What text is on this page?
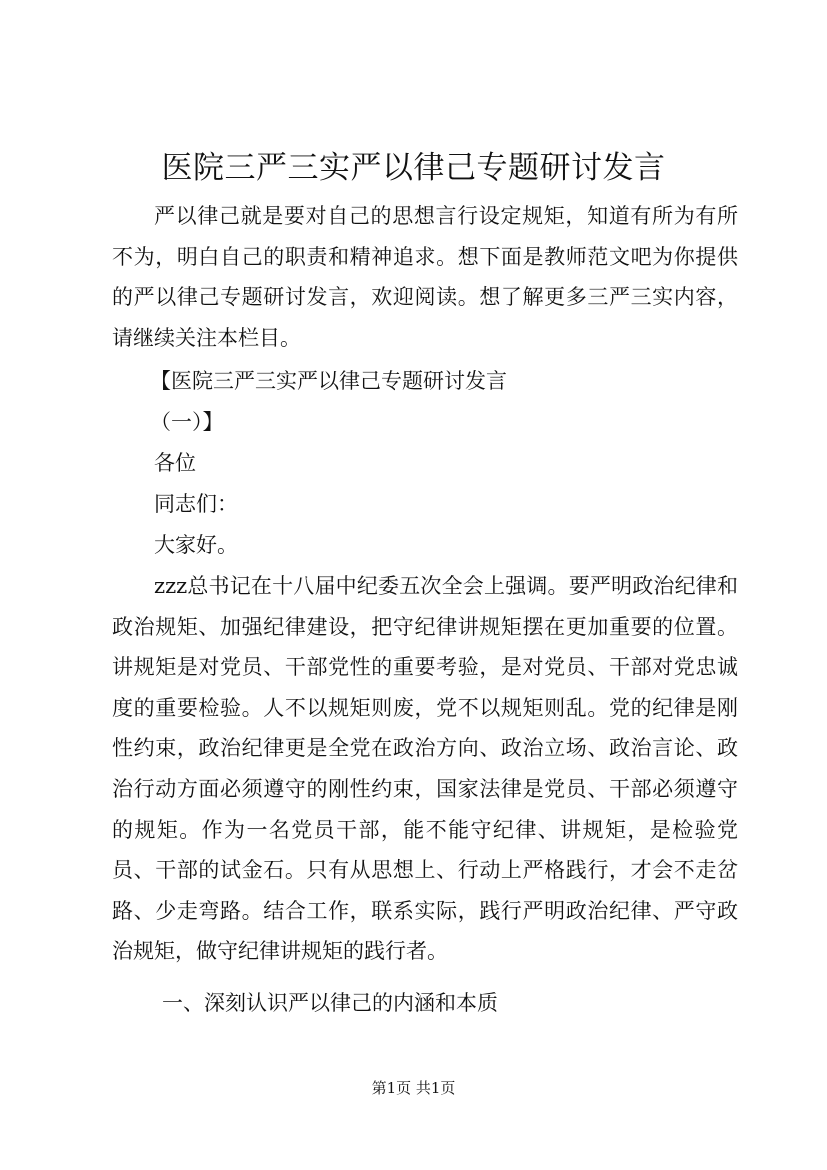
医院三严三实严以律己专题研讨发言

严以律己就是要对自己的思想言行设定规矩，知道有所为有所不为，明白自己的职责和精神追求。想下面是教师范文吧为你提供的严以律己专题研讨发言，欢迎阅读。想了解更多三严三实内容，请继续关注本栏目。

【医院三严三实严以律己专题研讨发言

（一）】

各位

同志们：

大家好。

zzz总书记在十八届中纪委五次全会上强调。要严明政治纪律和政治规矩、加强纪律建设，把守纪律讲规矩摆在更加重要的位置。讲规矩是对党员、干部党性的重要考验，是对党员、干部对党忠诚度的重要检验。人不以规矩则废，党不以规矩则乱。党的纪律是刚性约束，政治纪律更是全党在政治方向、政治立场、政治言论、政治行动方面必须遵守的刚性约束，国家法律是党员、干部必须遵守的规矩。作为一名党员干部，能不能守纪律、讲规矩，是检验党员、干部的试金石。只有从思想上、行动上严格践行，才会不走岔路、少走弯路。结合工作，联系实际，践行严明政治纪律、严守政治规矩，做守纪律讲规矩的践行者。

一、深刻认识严以律己的内涵和本质

第1页 共1页
